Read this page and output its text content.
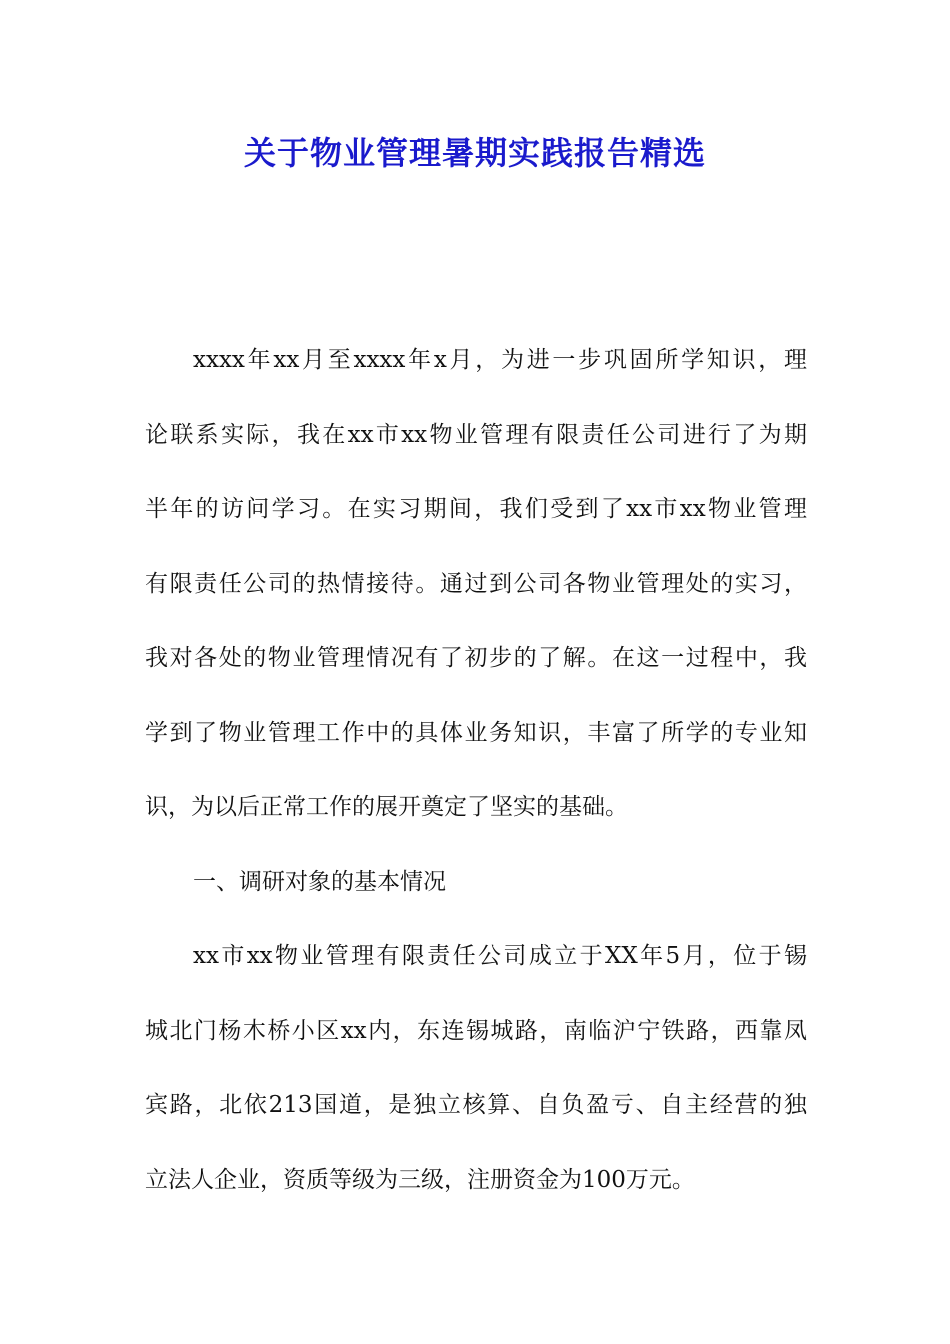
关于物业管理暑期实践报告精选
xxxx年xx月至xxxx年x月，为进一步巩固所学知识，理
论联系实际，我在xx市xx物业管理有限责任公司进行了为期
半年的访问学习。在实习期间，我们受到了xx市xx物业管理
有限责任公司的热情接待。通过到公司各物业管理处的实习，
我对各处的物业管理情况有了初步的了解。在这一过程中，我
学到了物业管理工作中的具体业务知识，丰富了所学的专业知
识，为以后正常工作的展开奠定了坚实的基础。
一、调研对象的基本情况
xx市xx物业管理有限责任公司成立于XX年5月，位于锡
城北门杨木桥小区xx内，东连锡城路，南临沪宁铁路，西靠凤
宾路，北依213国道，是独立核算、自负盈亏、自主经营的独
立法人企业，资质等级为三级，注册资金为100万元。
